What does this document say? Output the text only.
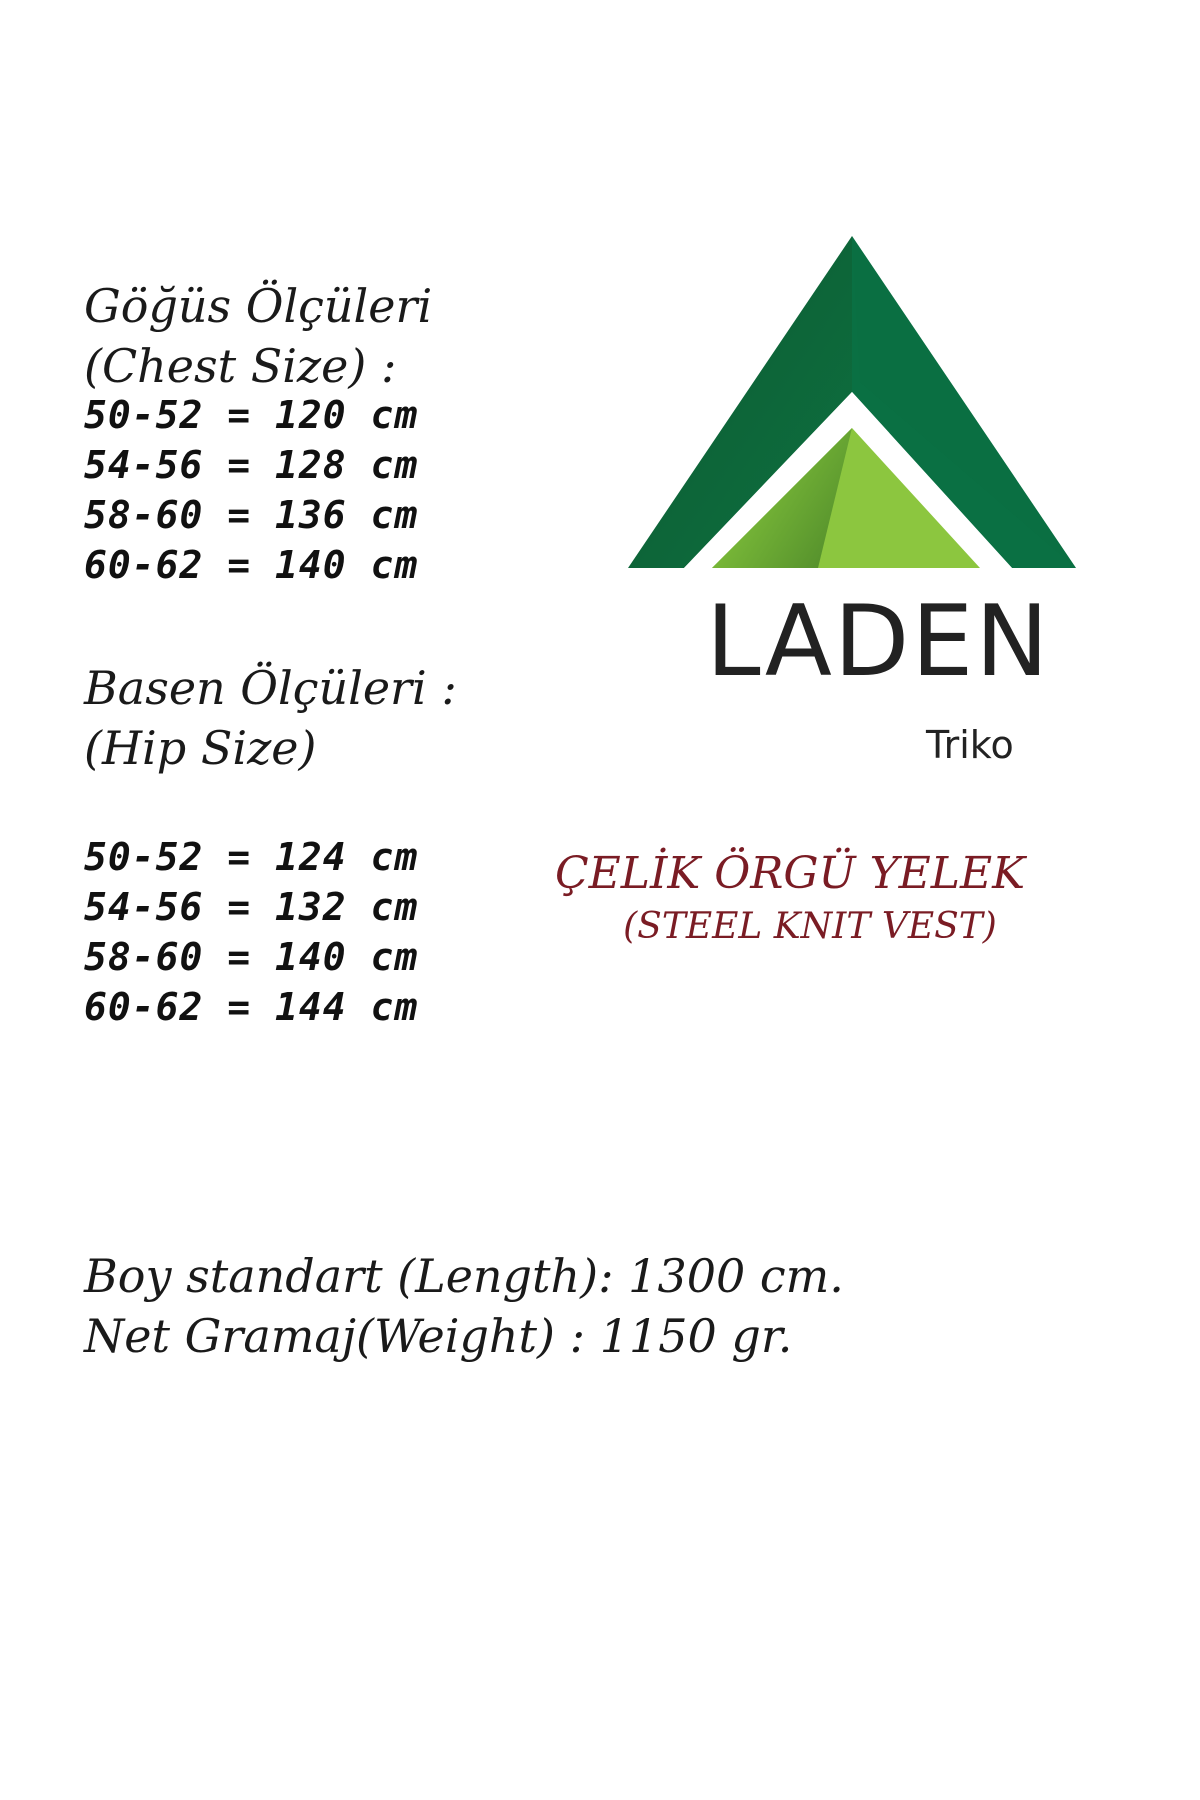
Göğüs Ölçüleri
(Chest Size) :
50-52 = 120 cm
54-56 = 128 cm
58-60 = 136 cm
60-62 = 140 cm
Basen Ölçüleri :
(Hip Size)
50-52 = 124 cm
54-56 = 132 cm
58-60 = 140 cm
60-62 = 144 cm
LADEN

Triko

ÇELİK ÖRGÜ YELEK

(STEEL KNIT VEST)

Boy standart (Length): 1300 cm.

Net Gramaj(Weight) : 1150 gr.
